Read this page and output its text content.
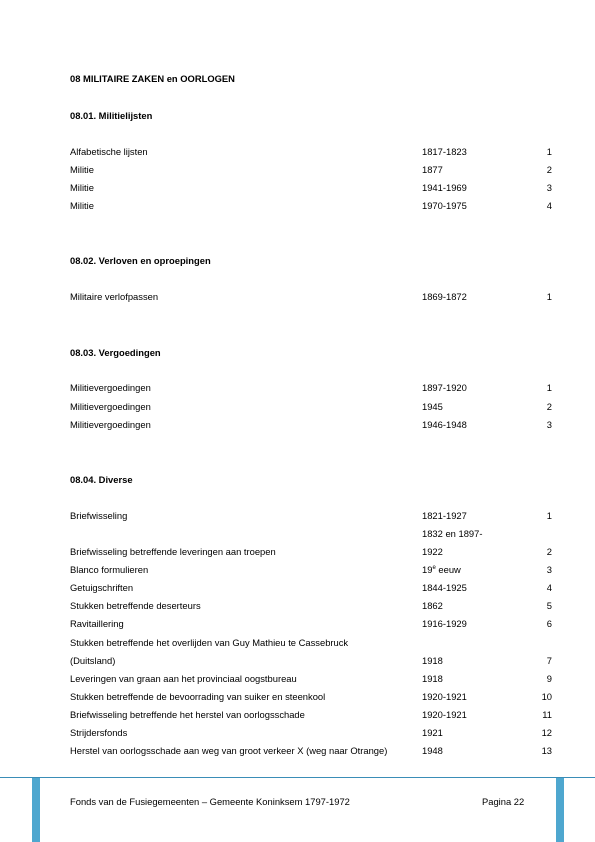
08 MILITAIRE ZAKEN en OORLOGEN
08.01. Militielijsten
Alfabetische lijsten	1817-1823	1
Militie	1877	2
Militie	1941-1969	3
Militie	1970-1975	4
08.02. Verloven en oproepingen
Militaire verlofpassen	1869-1872	1
08.03. Vergoedingen
Militievergoedingen	1897-1920	1
Militievergoedingen	1945	2
Militievergoedingen	1946-1948	3
08.04. Diverse
Briefwisseling	1821-1927	1
1832 en 1897-
Briefwisseling betreffende leveringen aan troepen	1922	2
Blanco formulieren	19e eeuw	3
Getuigschriften	1844-1925	4
Stukken betreffende deserteurs	1862	5
Ravitaillering	1916-1929	6
Stukken betreffende het overlijden van Guy Mathieu te Cassebruck
(Duitsland)	1918	7
Leveringen van graan aan het provinciaal oogstbureau	1918	9
Stukken betreffende de bevoorrading van suiker en steenkool	1920-1921	10
Briefwisseling betreffende het herstel van oorlogsschade	1920-1921	11
Strijdersfonds	1921	12
Herstel van oorlogsschade aan weg van groot verkeer X (weg naar Otrange)	1948	13
Fonds van de Fusiegemeenten – Gemeente Koninksem 1797-1972	Pagina 22
